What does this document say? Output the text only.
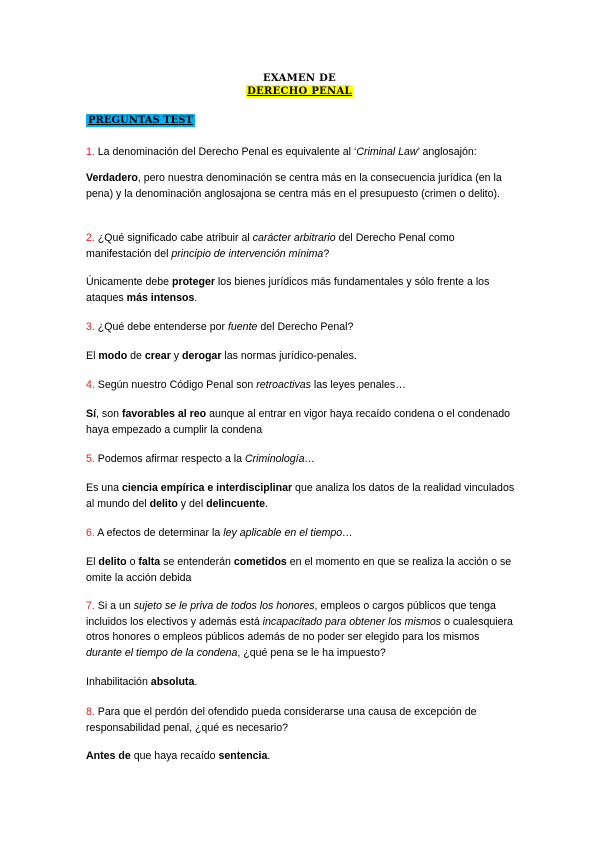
EXAMEN DE
DERECHO PENAL
PREGUNTAS TEST
1. La denominación del Derecho Penal es equivalente al ‘Criminal Law’ anglosajón:
Verdadero, pero nuestra denominación se centra más en la consecuencia jurídica (en la pena) y la denominación anglosajona se centra más en el presupuesto (crimen o delito).
2. ¿Qué significado cabe atribuir al carácter arbitrario del Derecho Penal como manifestación del principio de intervención mínima?
Únicamente debe proteger los bienes jurídicos más fundamentales y sólo frente a los ataques más intensos.
3. ¿Qué debe entenderse por fuente del Derecho Penal?
El modo de crear y derogar las normas jurídico-penales.
4. Según nuestro Código Penal son retroactivas las leyes penales…
Sí, son favorables al reo aunque al entrar en vigor haya recaído condena o el condenado haya empezado a cumplir la condena
5. Podemos afirmar respecto a la Criminología…
Es una ciencia empírica e interdisciplinar que analiza los datos de la realidad vinculados al mundo del delito y del delincuente.
6. A efectos de determinar la ley aplicable en el tiempo…
El delito o falta se entenderán cometidos en el momento en que se realiza la acción o se omite la acción debida
7. Si a un sujeto se le priva de todos los honores, empleos o cargos públicos que tenga incluidos los electivos y además está incapacitado para obtener los mismos o cualesquiera otros honores o empleos públicos además de no poder ser elegido para los mismos durante el tiempo de la condena, ¿qué pena se le ha impuesto?
Inhabilitación absoluta.
8. Para que el perdón del ofendido pueda considerarse una causa de excepción de responsabilidad penal, ¿qué es necesario?
Antes de que haya recaído sentencia.
